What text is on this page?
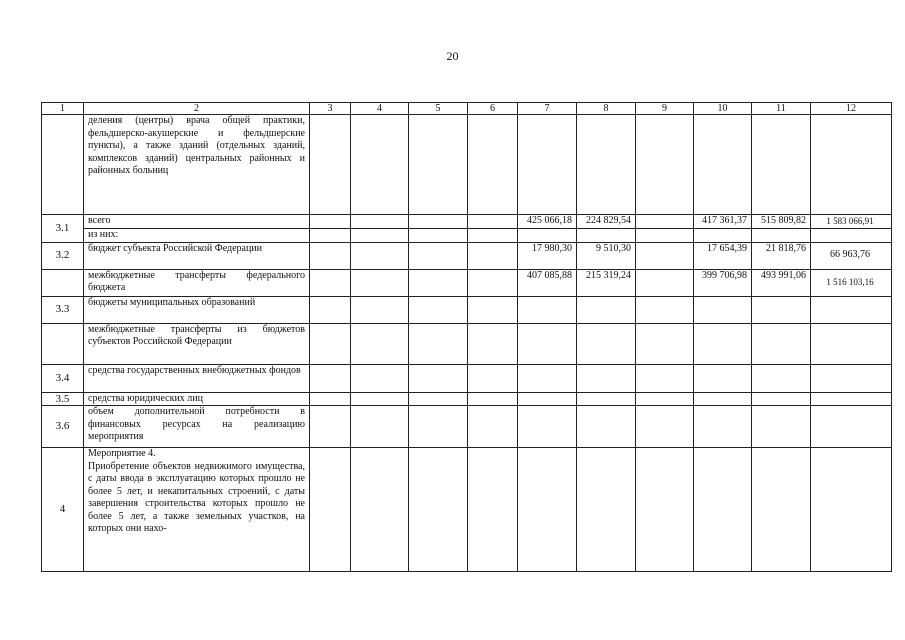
20
1	2	3	4	5	6	7	8	9	10	11	12
	деления (центры) врача общей практики, фельдшерско-акушерские и фельдшерские пункты), а также зданий (отдельных зданий, комплексов зданий) центральных районных и районных больниц										
3.1	всего					425 066,18	224 829,54		417 361,37	515 809,82	1 583 066,91
	из них:										
3.2	бюджет субъекта Российской Федерации					17 980,30	9 510,30		17 654,39	21 818,76	66 963,76
	межбюджетные трансферты федерального бюджета					407 085,88	215 319,24		399 706,98	493 991,06	1 516 103,16
3.3	бюджеты муниципальных образований										
	межбюджетные трансферты из бюджетов субъектов Российской Федерации										
3.4	средства государственных внебюджетных фондов										
3.5	средства юридических лиц										
3.6	объем дополнительной потребности в финансовых ресурсах на реализацию мероприятия										
4	Мероприятие 4.
Приобретение объектов недвижимого имущества, с даты ввода в эксплуатацию которых прошло не более 5 лет, и некапитальных строений, с даты завершения строительства которых прошло не более 5 лет, а также земельных участков, на которых они нахо-										
